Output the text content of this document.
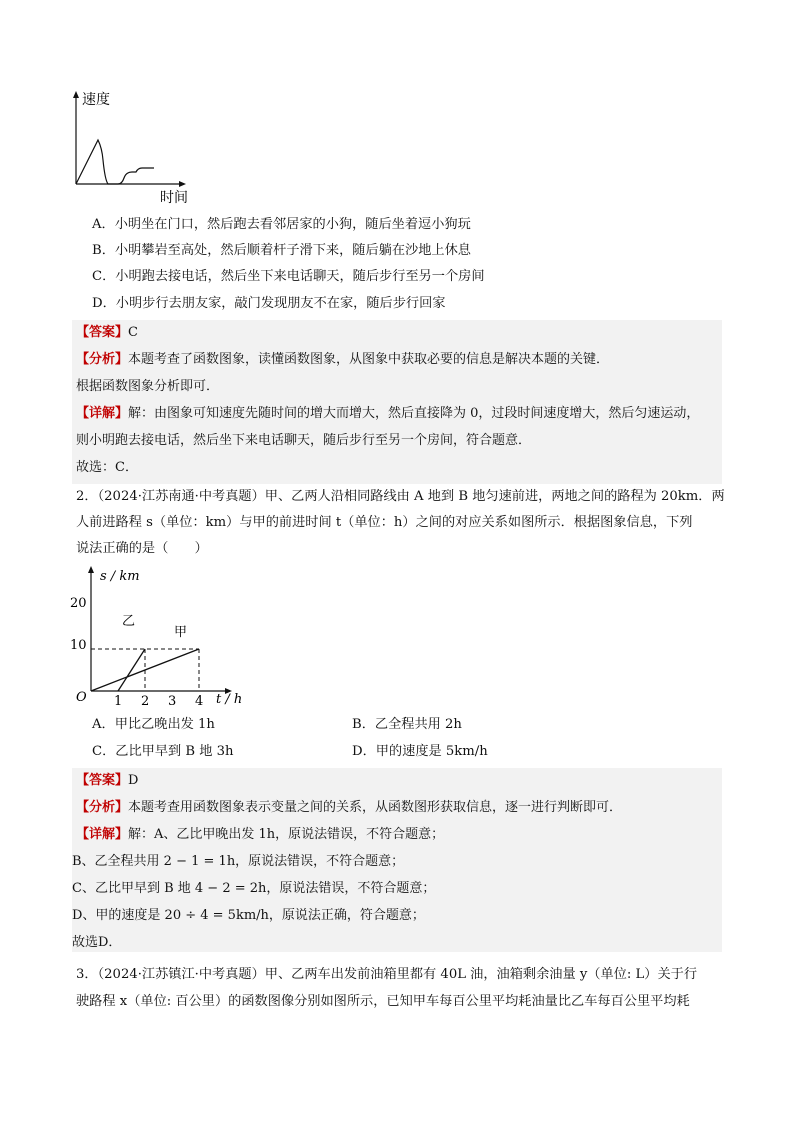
速度
时间
A．小明坐在门口，然后跑去看邻居家的小狗，随后坐着逗小狗玩
B．小明攀岩至高处，然后顺着杆子滑下来，随后躺在沙地上休息
C．小明跑去接电话，然后坐下来电话聊天，随后步行至另一个房间
D．小明步行去朋友家，敲门发现朋友不在家，随后步行回家
【答案】C
【分析】本题考查了函数图象，读懂函数图象，从图象中获取必要的信息是解决本题的关键．
根据函数图象分析即可．
【详解】解：由图象可知速度先随时间的增大而增大，然后直接降为 0，过段时间速度增大，然后匀速运动，
则小明跑去接电话，然后坐下来电话聊天，随后步行至另一个房间，符合题意．
故选：C．
2．（2024·江苏南通·中考真题）甲、乙两人沿相同路线由 A 地到 B 地匀速前进，两地之间的路程为 20km．两
人前进路程 s（单位：km）与甲的前进时间 t（单位：h）之间的对应关系如图所示．根据图象信息，下列
说法正确的是（　　）
s / km
t / h
O
20
10
1 2 3 4
乙
甲
A．甲比乙晚出发 1h	B．乙全程共用 2h
C．乙比甲早到 B 地 3h	D．甲的速度是 5km/h
【答案】D
【分析】本题考查用函数图象表示变量之间的关系，从函数图形获取信息，逐一进行判断即可．
【详解】解：A、乙比甲晚出发 1h，原说法错误，不符合题意；
B、乙全程共用 2 − 1 = 1h，原说法错误，不符合题意；
C、乙比甲早到 B 地 4 − 2 = 2h，原说法错误，不符合题意；
D、甲的速度是 20 ÷ 4 = 5km/h，原说法正确，符合题意；
故选D．
3．（2024·江苏镇江·中考真题）甲、乙两车出发前油箱里都有 40L 油，油箱剩余油量 y（单位: L）关于行
驶路程 x（单位: 百公里）的函数图像分别如图所示，已知甲车每百公里平均耗油量比乙车每百公里平均耗
